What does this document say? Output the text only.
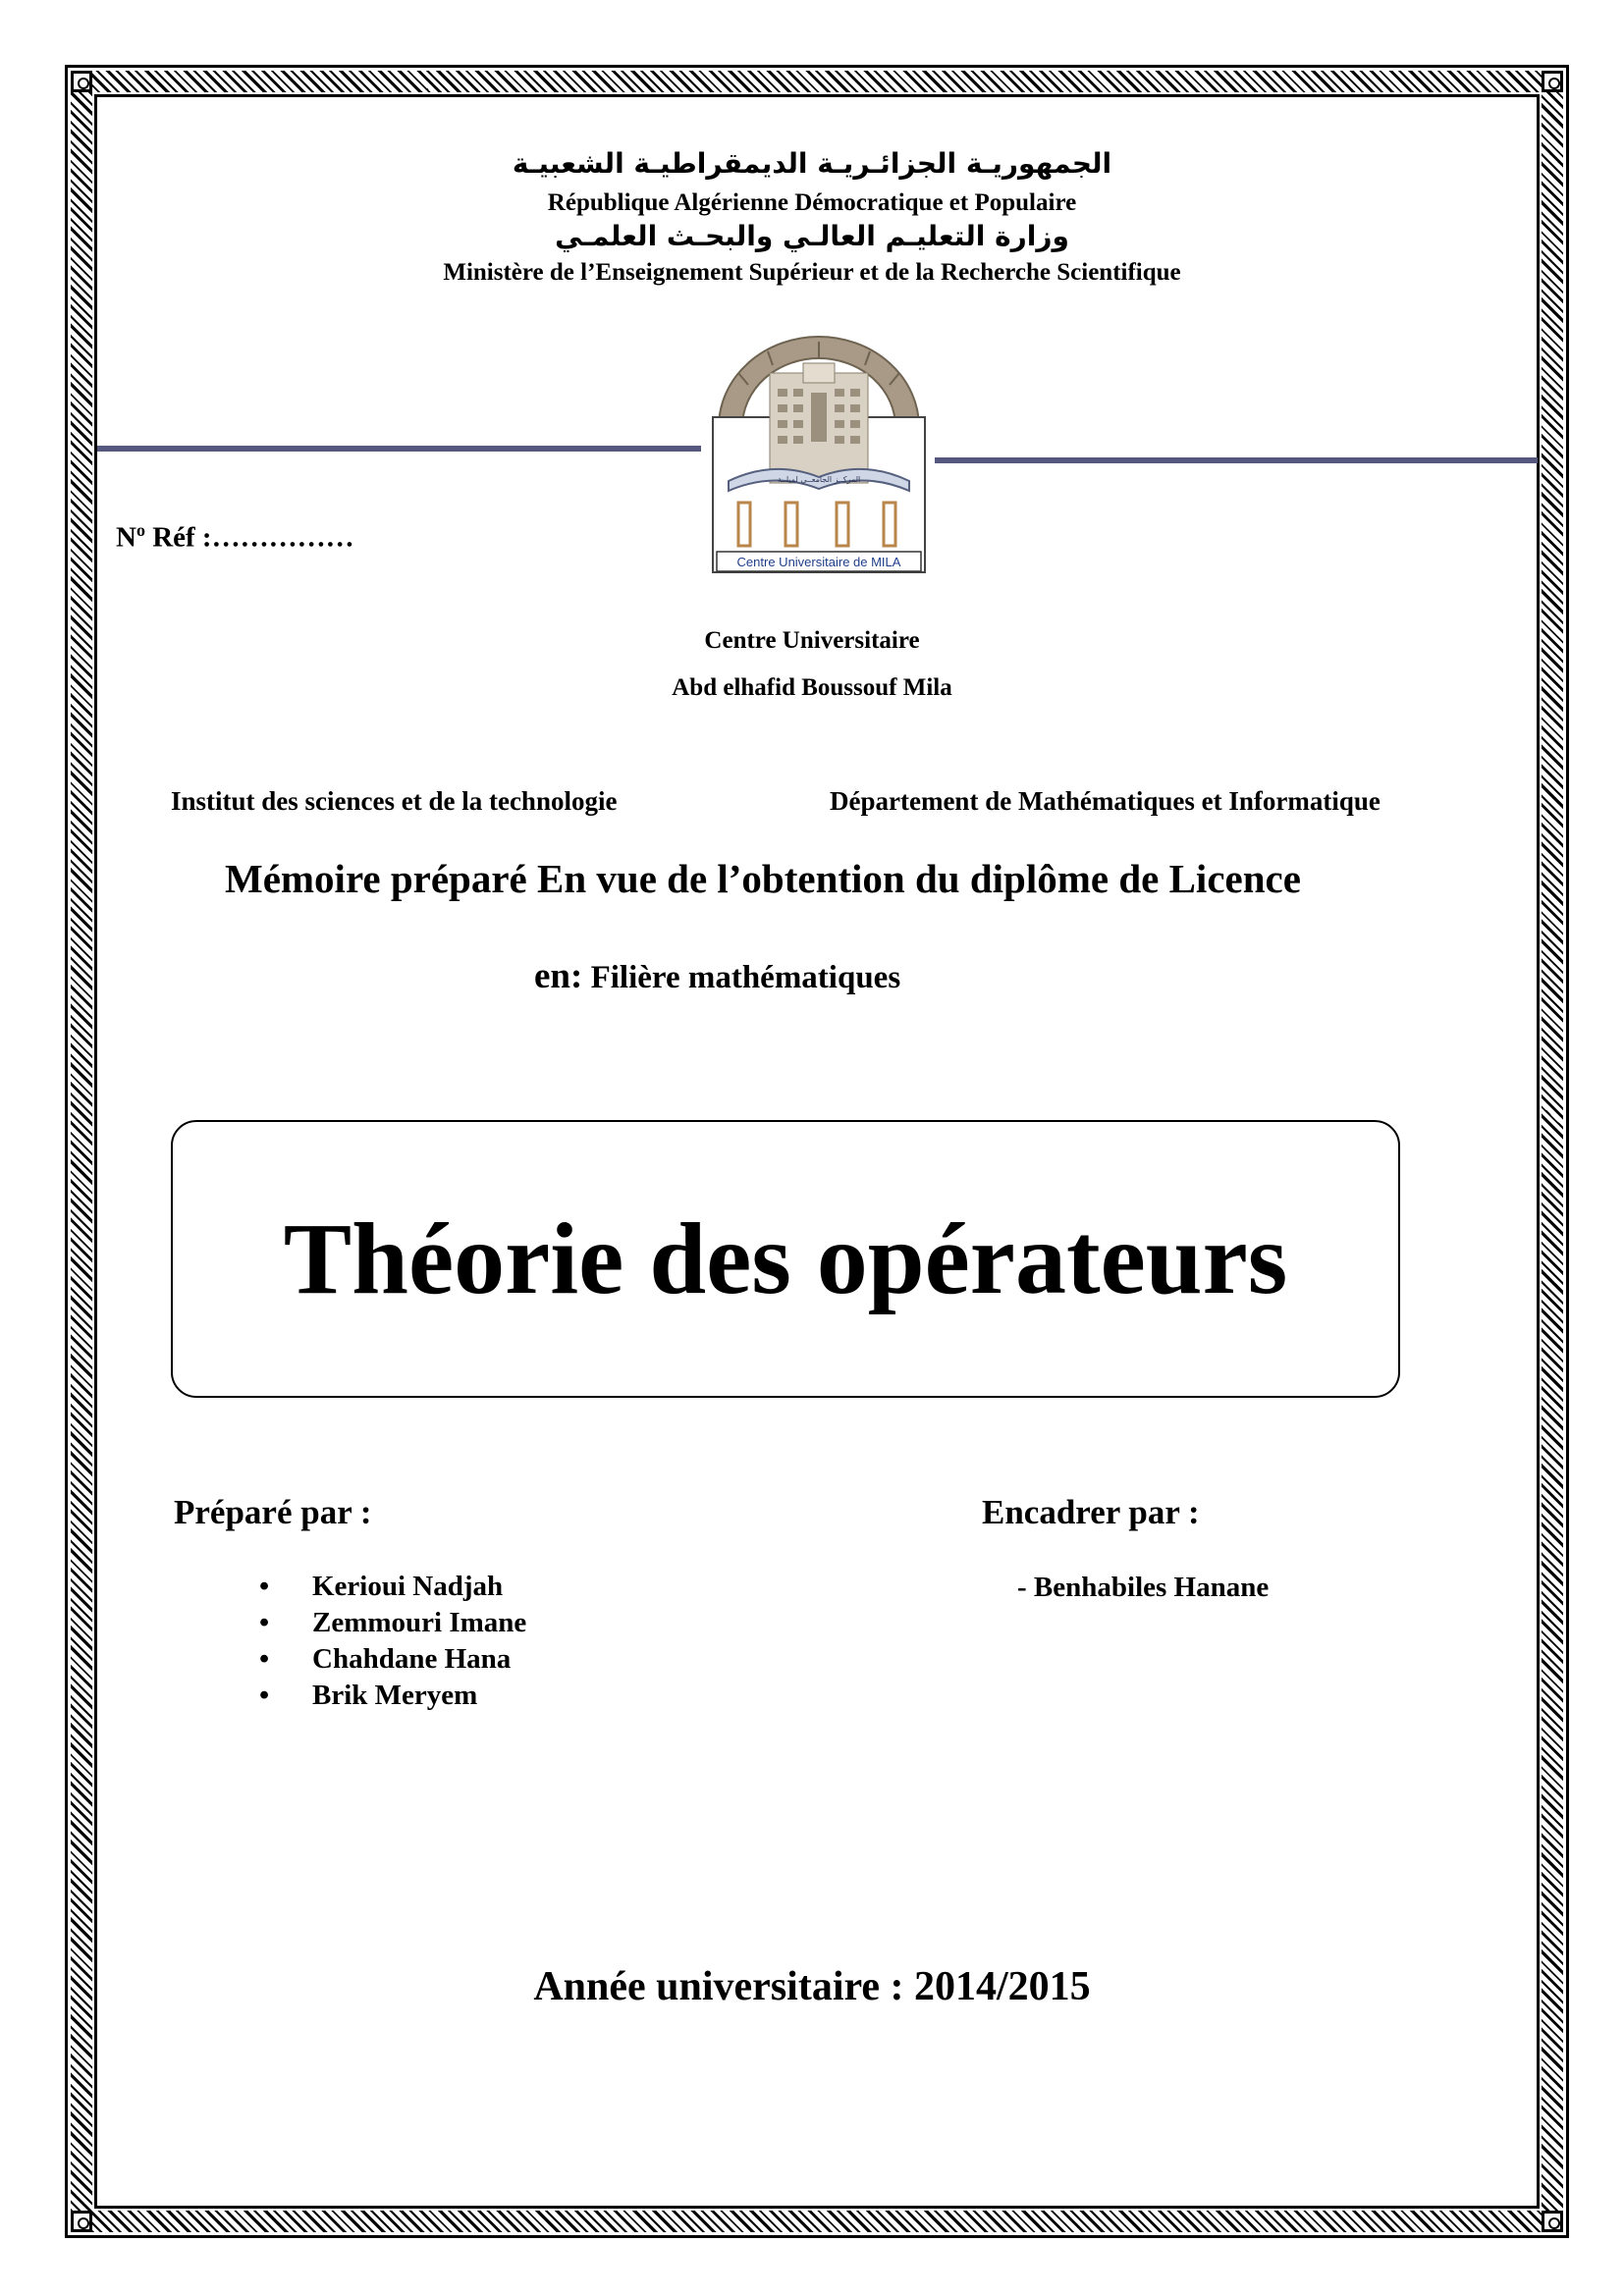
الجمهوريـة الجزائـريـة الديمقراطيـة الشعبيـة
République Algérienne Démocratique et Populaire
وزارة التعليـم العالـي والبحـث العلمـي
Ministère de l’Enseignement Supérieur et de la Recherche Scientifique
المركــز الجامعــي لميلــة
Centre Universitaire de MILA
$N^o$ Réf :……………
Centre Universitaire
Abd elhafid Boussouf Mila
Institut des sciences et de la technologie	Département de Mathématiques et Informatique
Mémoire préparé En vue de l’obtention du diplôme de Licence
en: Filière mathématiques
Théorie des opérateurs
Préparé par :
• Kerioui Nadjah
• Zemmouri Imane
• Chahdane Hana
• Brik Meryem
Encadrer par :
- Benhabiles Hanane
Année universitaire : 2014/2015
